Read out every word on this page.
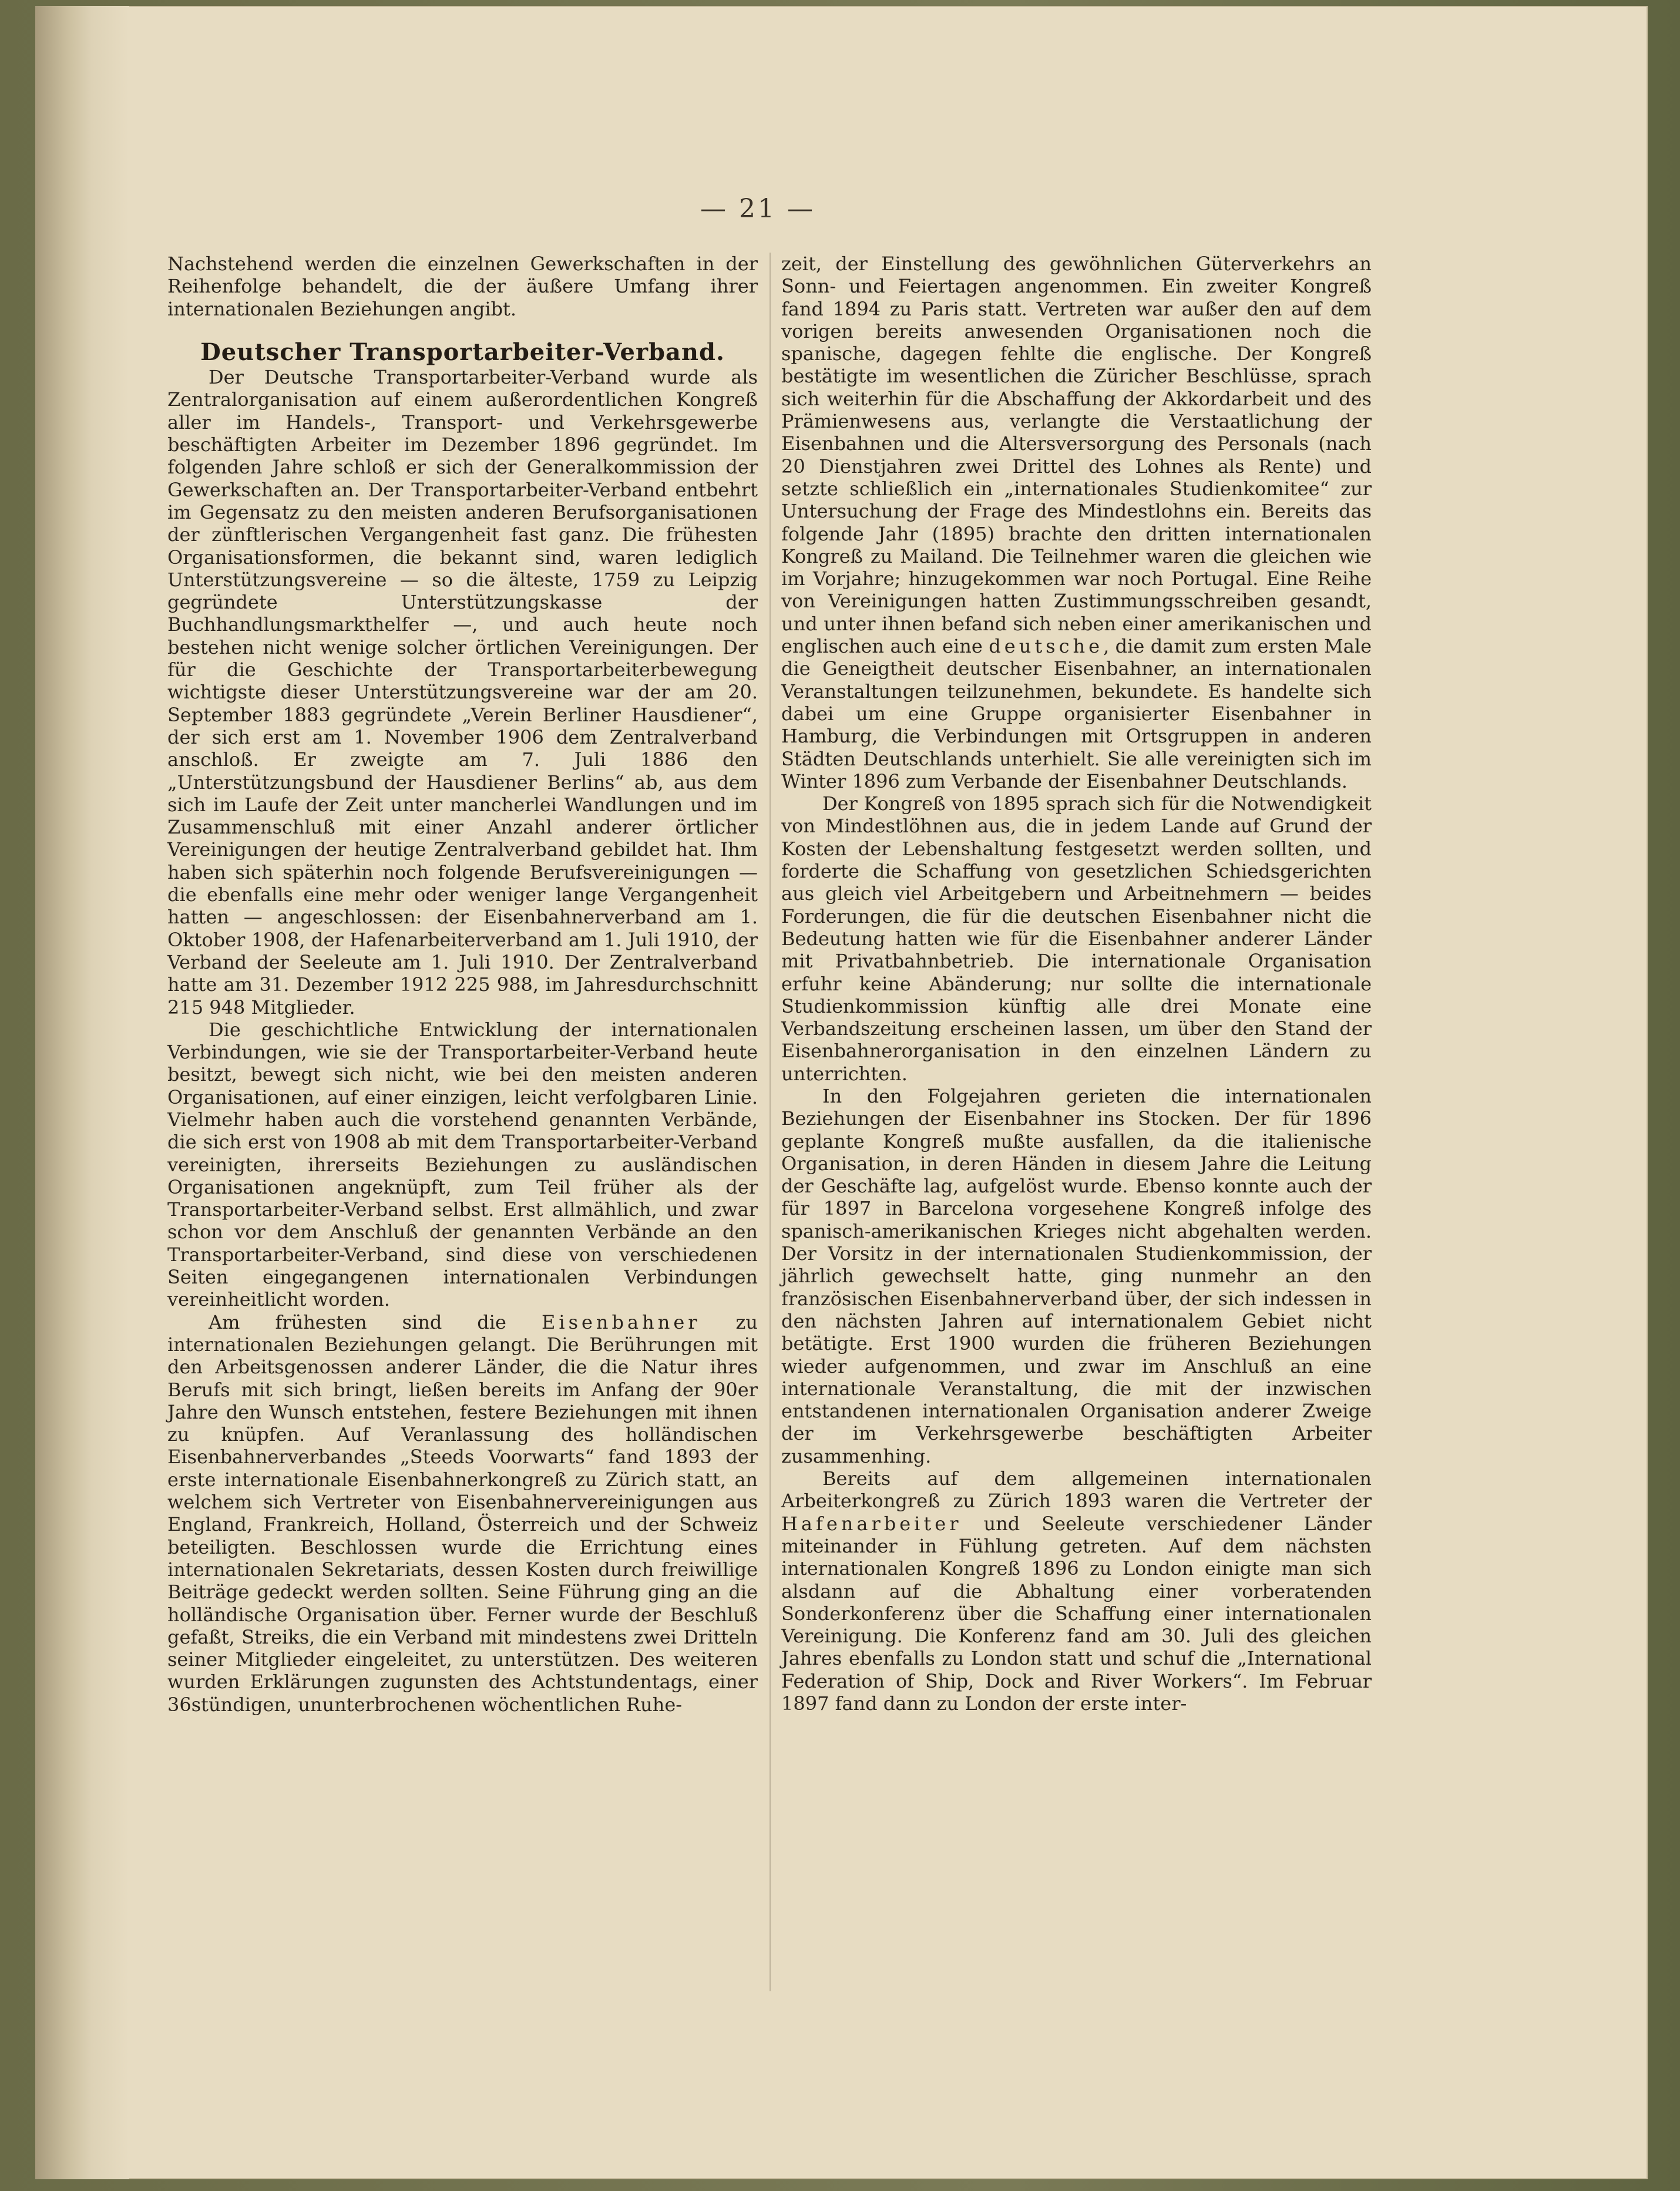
— 21 —

Nachstehend werden die einzelnen Gewerkschaften in der Reihenfolge behandelt, die der äußere Umfang ihrer internationalen Beziehungen angibt.

Deutscher Transportarbeiter-Verband.

Der Deutsche Transportarbeiter-Verband wurde als Zentralorganisation auf einem außerordentlichen Kongreß aller im Handels-, Transport- und Verkehrsgewerbe beschäftigten Arbeiter im Dezember 1896 gegründet. Im folgenden Jahre schloß er sich der Generalkommission der Gewerkschaften an. Der Transportarbeiter-Verband entbehrt im Gegensatz zu den meisten anderen Berufsorganisationen der zünftlerischen Vergangenheit fast ganz. Die frühesten Organisationsformen, die bekannt sind, waren lediglich Unterstützungsvereine — so die älteste, 1759 zu Leipzig gegründete Unterstützungskasse der Buchhandlungsmarkthelfer —, und auch heute noch bestehen nicht wenige solcher örtlichen Vereinigungen. Der für die Geschichte der Transportarbeiterbewegung wichtigste dieser Unterstützungsvereine war der am 20. September 1883 gegründete „Verein Berliner Hausdiener“, der sich erst am 1. November 1906 dem Zentralverband anschloß. Er zweigte am 7. Juli 1886 den „Unterstützungsbund der Hausdiener Berlins“ ab, aus dem sich im Laufe der Zeit unter mancherlei Wandlungen und im Zusammenschluß mit einer Anzahl anderer örtlicher Vereinigungen der heutige Zentralverband gebildet hat. Ihm haben sich späterhin noch folgende Berufsvereinigungen — die ebenfalls eine mehr oder weniger lange Vergangenheit hatten — angeschlossen: der Eisenbahnerverband am 1. Oktober 1908, der Hafenarbeiterverband am 1. Juli 1910, der Verband der Seeleute am 1. Juli 1910. Der Zentralverband hatte am 31. Dezember 1912 225 988, im Jahresdurchschnitt 215 948 Mitglieder.

Die geschichtliche Entwicklung der internationalen Verbindungen, wie sie der Transportarbeiter-Verband heute besitzt, bewegt sich nicht, wie bei den meisten anderen Organisationen, auf einer einzigen, leicht verfolgbaren Linie. Vielmehr haben auch die vorstehend genannten Verbände, die sich erst von 1908 ab mit dem Transportarbeiter-Verband vereinigten, ihrerseits Beziehungen zu ausländischen Organisationen angeknüpft, zum Teil früher als der Transportarbeiter-Verband selbst. Erst allmählich, und zwar schon vor dem Anschluß der genannten Verbände an den Transportarbeiter-Verband, sind diese von verschiedenen Seiten eingegangenen internationalen Verbindungen vereinheitlicht worden.

Am frühesten sind die Eisenbahner zu internationalen Beziehungen gelangt. Die Berührungen mit den Arbeitsgenossen anderer Länder, die die Natur ihres Berufs mit sich bringt, ließen bereits im Anfang der 90er Jahre den Wunsch entstehen, festere Beziehungen mit ihnen zu knüpfen. Auf Veranlassung des holländischen Eisenbahnerverbandes „Steeds Voorwarts“ fand 1893 der erste internationale Eisenbahnerkongreß zu Zürich statt, an welchem sich Vertreter von Eisenbahnervereinigungen aus England, Frankreich, Holland, Österreich und der Schweiz beteiligten. Beschlossen wurde die Errichtung eines internationalen Sekretariats, dessen Kosten durch freiwillige Beiträge gedeckt werden sollten. Seine Führung ging an die holländische Organisation über. Ferner wurde der Beschluß gefaßt, Streiks, die ein Verband mit mindestens zwei Dritteln seiner Mitglieder eingeleitet, zu unterstützen. Des weiteren wurden Erklärungen zugunsten des Achtstundentags, einer 36stündigen, ununterbrochenen wöchentlichen Ruhe-

zeit, der Einstellung des gewöhnlichen Güterverkehrs an Sonn- und Feiertagen angenommen. Ein zweiter Kongreß fand 1894 zu Paris statt. Vertreten war außer den auf dem vorigen bereits anwesenden Organisationen noch die spanische, dagegen fehlte die englische. Der Kongreß bestätigte im wesentlichen die Züricher Beschlüsse, sprach sich weiterhin für die Abschaffung der Akkordarbeit und des Prämienwesens aus, verlangte die Verstaatlichung der Eisenbahnen und die Altersversorgung des Personals (nach 20 Dienstjahren zwei Drittel des Lohnes als Rente) und setzte schließlich ein „internationales Studienkomitee“ zur Untersuchung der Frage des Mindestlohns ein. Bereits das folgende Jahr (1895) brachte den dritten internationalen Kongreß zu Mailand. Die Teilnehmer waren die gleichen wie im Vorjahre; hinzugekommen war noch Portugal. Eine Reihe von Vereinigungen hatten Zustimmungsschreiben gesandt, und unter ihnen befand sich neben einer amerikanischen und englischen auch eine deutsche, die damit zum ersten Male die Geneigtheit deutscher Eisenbahner, an internationalen Veranstaltungen teilzunehmen, bekundete. Es handelte sich dabei um eine Gruppe organisierter Eisenbahner in Hamburg, die Verbindungen mit Ortsgruppen in anderen Städten Deutschlands unterhielt. Sie alle vereinigten sich im Winter 1896 zum Verbande der Eisenbahner Deutschlands.

Der Kongreß von 1895 sprach sich für die Notwendigkeit von Mindestlöhnen aus, die in jedem Lande auf Grund der Kosten der Lebenshaltung festgesetzt werden sollten, und forderte die Schaffung von gesetzlichen Schiedsgerichten aus gleich viel Arbeitgebern und Arbeitnehmern — beides Forderungen, die für die deutschen Eisenbahner nicht die Bedeutung hatten wie für die Eisenbahner anderer Länder mit Privatbahnbetrieb. Die internationale Organisation erfuhr keine Abänderung; nur sollte die internationale Studienkommission künftig alle drei Monate eine Verbandszeitung erscheinen lassen, um über den Stand der Eisenbahnerorganisation in den einzelnen Ländern zu unterrichten.

In den Folgejahren gerieten die internationalen Beziehungen der Eisenbahner ins Stocken. Der für 1896 geplante Kongreß mußte ausfallen, da die italienische Organisation, in deren Händen in diesem Jahre die Leitung der Geschäfte lag, aufgelöst wurde. Ebenso konnte auch der für 1897 in Barcelona vorgesehene Kongreß infolge des spanisch-amerikanischen Krieges nicht abgehalten werden. Der Vorsitz in der internationalen Studienkommission, der jährlich gewechselt hatte, ging nunmehr an den französischen Eisenbahnerverband über, der sich indessen in den nächsten Jahren auf internationalem Gebiet nicht betätigte. Erst 1900 wurden die früheren Beziehungen wieder aufgenommen, und zwar im Anschluß an eine internationale Veranstaltung, die mit der inzwischen entstandenen internationalen Organisation anderer Zweige der im Verkehrsgewerbe beschäftigten Arbeiter zusammenhing.

Bereits auf dem allgemeinen internationalen Arbeiterkongreß zu Zürich 1893 waren die Vertreter der Hafenarbeiter und Seeleute verschiedener Länder miteinander in Fühlung getreten. Auf dem nächsten internationalen Kongreß 1896 zu London einigte man sich alsdann auf die Abhaltung einer vorberatenden Sonderkonferenz über die Schaffung einer internationalen Vereinigung. Die Konferenz fand am 30. Juli des gleichen Jahres ebenfalls zu London statt und schuf die „International Federation of Ship, Dock and River Workers“. Im Februar 1897 fand dann zu London der erste inter-
